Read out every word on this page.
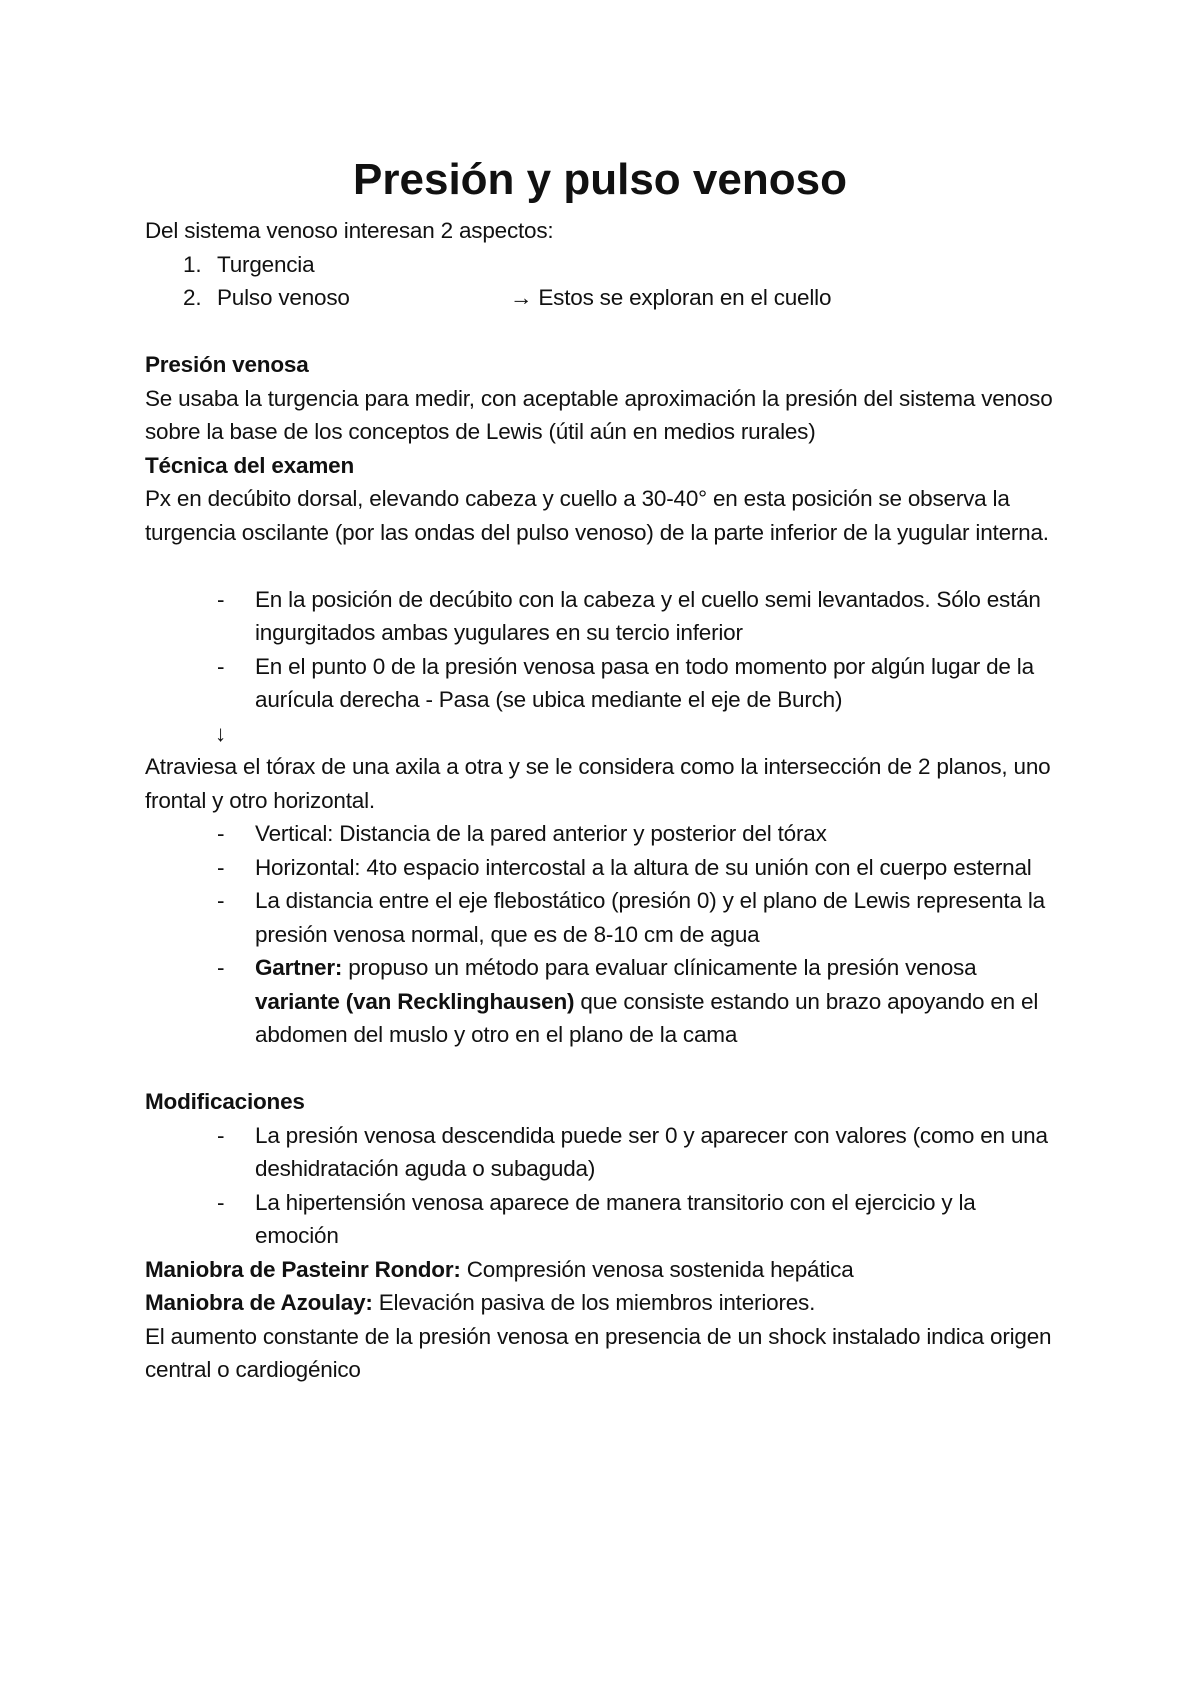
Presión y pulso venoso

Del sistema venoso interesan 2 aspectos:

1. Turgencia
2. Pulso venoso	→ Estos se exploran en el cuello

Presión venosa

Se usaba la turgencia para medir, con aceptable aproximación la presión del sistema venoso sobre la base de los conceptos de Lewis (útil aún en medios rurales)

Técnica del examen

Px en decúbito dorsal, elevando cabeza y cuello a 30-40° en esta posición se observa la turgencia oscilante (por las ondas del pulso venoso) de la parte inferior de la yugular interna.

- En la posición de decúbito con la cabeza y el cuello semi levantados. Sólo están ingurgitados ambas yugulares en su tercio inferior
- En el punto 0 de la presión venosa pasa en todo momento por algún lugar de la aurícula derecha - Pasa (se ubica mediante el eje de Burch)

↓

Atraviesa el tórax de una axila a otra y se le considera como la intersección de 2 planos, uno frontal y otro horizontal.

- Vertical: Distancia de la pared anterior y posterior del tórax
- Horizontal: 4to espacio intercostal a la altura de su unión con el cuerpo esternal
- La distancia entre el eje flebostático (presión 0) y el plano de Lewis representa la presión venosa normal, que es de 8-10 cm de agua
- Gartner: propuso un método para evaluar clínicamente la presión venosa variante (van Recklinghausen) que consiste estando un brazo apoyando en el abdomen del muslo y otro en el plano de la cama

Modificaciones

- La presión venosa descendida puede ser 0 y aparecer con valores (como en una deshidratación aguda o subaguda)
- La hipertensión venosa aparece de manera transitorio con el ejercicio y la emoción

Maniobra de Pasteinr Rondor: Compresión venosa sostenida hepática

Maniobra de Azoulay: Elevación pasiva de los miembros interiores.

El aumento constante de la presión venosa en presencia de un shock instalado indica origen central o cardiogénico
